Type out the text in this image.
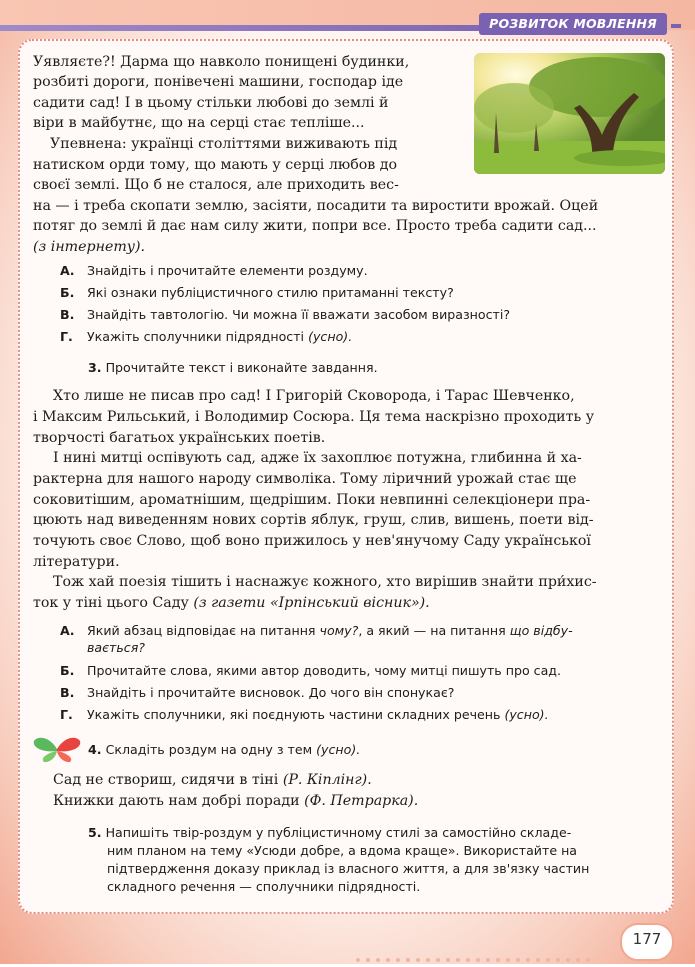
РОЗВИТОК МОВЛЕННЯ
Уявляєте?! Дарма що навколо понищені будинки,
розбиті дороги, понівечені машини, господар іде
садити сад! І в цьому стільки любові до землі й
віри в майбутнє, що на серці стає тепліше...
Упевнена: українці століттями виживають під
натиском орди тому, що мають у серці любов до
своєї землі. Що б не сталося, але приходить вес-
на — і треба скопати землю, засіяти, посадити та виростити врожай. Оцей
потяг до землі й дає нам силу жити, попри все. Просто треба садити сад...
(з інтернету).
А. Знайдіть і прочитайте елементи роздуму.
Б. Які ознаки публіцистичного стилю притаманні тексту?
В. Знайдіть тавтологію. Чи можна її вважати засобом виразності?
Г. Укажіть сполучники підрядності (усно).
3. Прочитайте текст і виконайте завдання.
Хто лише не писав про сад! І Григорій Сковорода, і Тарас Шевченко,
і Максим Рильський, і Володимир Сосюра. Ця тема наскрізно проходить у
творчості багатьох українських поетів.
І нині митці оспівують сад, адже їх захоплює потужна, глибинна й ха-
рактерна для нашого народу символіка. Тому ліричний урожай стає ще
соковитішим, ароматнішим, щедрішим. Поки невпинні селекціонери пра-
цюють над виведенням нових сортів яблук, груш, слив, вишень, поети від-
точують своє Слово, щоб воно прижилось у нев'янучому Саду української
літератури.
Тож хай поезія тішить і наснажує кожного, хто вирішив знайти при́хис-
ток у тіні цього Саду (з газети «Ірпінський вісник»).
А. Який абзац відповідає на питання чому?, а який — на питання що відбу-
вається?
Б. Прочитайте слова, якими автор доводить, чому митці пишуть про сад.
В. Знайдіть і прочитайте висновок. До чого він спонукає?
Г. Укажіть сполучники, які поєднують частини складних речень (усно).
4. Складіть роздум на одну з тем (усно).
Сад не створиш, сидячи в тіні (Р. Кіплінг).
Книжки дають нам добрі поради (Ф. Петрарка).
5. Напишіть твір-роздум у публіцистичному стилі за самостійно складе-
ним планом на тему «Усюди добре, а вдома краще». Використайте на
підтвердження доказу приклад із власного життя, а для зв'язку частин
складного речення — сполучники підрядності.
177
